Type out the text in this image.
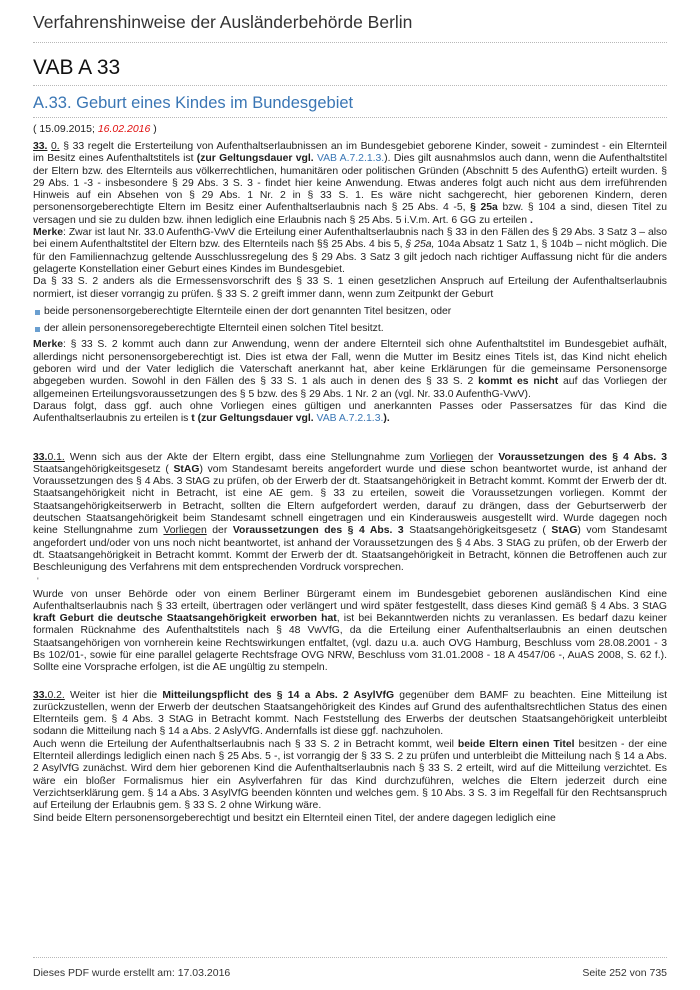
Verfahrenshinweise der Ausländerbehörde Berlin
VAB A 33
A.33. Geburt eines Kindes im Bundesgebiet
( 15.09.2015; 16.02.2016 )

33. 0. § 33 regelt die Ersterteilung von Aufenthaltserlaubnissen an im Bundesgebiet geborene Kinder, soweit - zumindest - ein Elternteil im Besitz eines Aufenthaltstitels ist (zur Geltungsdauer vgl. VAB A.7.2.1.3.). Dies gilt ausnahmslos auch dann, wenn die Aufenthaltstitel der Eltern bzw. des Elternteils aus völkerrechtlichen, humanitären oder politischen Gründen (Abschnitt 5 des AufenthG) erteilt wurden. § 29 Abs. 1 -3 - insbesondere § 29 Abs. 3 S. 3 - findet hier keine Anwendung. Etwas anderes folgt auch nicht aus dem irreführenden Hinweis auf ein Absehen von § 29 Abs. 1 Nr. 2 in § 33 S. 1. Es wäre nicht sachgerecht, hier geborenen Kindern, deren personensorgeberechtigte Eltern im Besitz einer Aufenthaltserlaubnis nach § 25 Abs. 4 -5, § 25a bzw. § 104 a sind, diesen Titel zu versagen und sie zu dulden bzw. ihnen lediglich eine Erlaubnis nach § 25 Abs. 5 i.V.m. Art. 6 GG zu erteilen .

Merke: Zwar ist laut Nr. 33.0 AufenthG-VwV die Erteilung einer Aufenthaltserlaubnis nach § 33 in den Fällen des § 29 Abs. 3 Satz 3 – also bei einem Aufenthaltstitel der Eltern bzw. des Elternteils nach §§ 25 Abs. 4 bis 5, § 25a, 104a Absatz 1 Satz 1, § 104b – nicht möglich. Die für den Familiennachzug geltende Ausschlussregelung des § 29 Abs. 3 Satz 3 gilt jedoch nach richtiger Auffassung nicht für die anders gelagerte Konstellation einer Geburt eines Kindes im Bundesgebiet.

Da § 33 S. 2 anders als die Ermessensvorschrift des § 33 S. 1 einen gesetzlichen Anspruch auf Erteilung der Aufenthaltserlaubnis normiert, ist dieser vorrangig zu prüfen. § 33 S. 2 greift immer dann, wenn zum Zeitpunkt der Geburt

beide personensorgeberechtigte Elternteile einen der dort genannten Titel besitzen, oder
der allein personensoregeberechtigte Elternteil einen solchen Titel besitzt.

Merke: § 33 S. 2 kommt auch dann zur Anwendung, wenn der andere Elternteil sich ohne Aufenthaltstitel im Bundesgebiet aufhält, allerdings nicht personensorgeberechtigt ist. Dies ist etwa der Fall, wenn die Mutter im Besitz eines Titels ist, das Kind nicht ehelich geboren wird und der Vater lediglich die Vaterschaft anerkannt hat, aber keine Erklärungen für die gemeinsame Personensorge abgegeben wurden. Sowohl in den Fällen des § 33 S. 1 als auch in denen des § 33 S. 2 kommt es nicht auf das Vorliegen der allgemeinen Erteilungsvoraussetzungen des § 5 bzw. des § 29 Abs. 1 Nr. 2 an (vgl. Nr. 33.0 AufenthG-VwV).

Daraus folgt, dass ggf. auch ohne Vorliegen eines gültigen und anerkannten Passes oder Passersatzes für das Kind die Aufenthaltserlaubnis zu erteilen is t (zur Geltungsdauer vgl. VAB A.7.2.1.3.).

33.0.1. Wenn sich aus der Akte der Eltern ergibt, dass eine Stellungnahme zum Vorliegen der Voraussetzungen des § 4 Abs. 3 Staatsangehörigkeitsgesetz ( StAG) vom Standesamt bereits angefordert wurde und diese schon beantwortet wurde, ist anhand der Voraussetzungen des § 4 Abs. 3 StAG zu prüfen, ob der Erwerb der dt. Staatsangehörigkeit in Betracht kommt. Kommt der Erwerb der dt. Staatsangehörigkeit nicht in Betracht, ist eine AE gem. § 33 zu erteilen, soweit die Voraussetzungen vorliegen. Kommt der Staatsangehörigkeitserwerb in Betracht, sollten die Eltern aufgefordert werden, darauf zu drängen, dass der Geburtserwerb der deutschen Staatsangehörigkeit beim Standesamt schnell eingetragen und ein Kinderausweis ausgestellt wird. Wurde dagegen noch keine Stellungnahme zum Vorliegen der Voraussetzungen des § 4 Abs. 3 Staatsangehörigkeitsgesetz ( StAG) vom Standesamt angefordert und/oder von uns noch nicht beantwortet, ist anhand der Voraussetzungen des § 4 Abs. 3 StAG zu prüfen, ob der Erwerb der dt. Staatsangehörigkeit in Betracht kommt. Kommt der Erwerb der dt. Staatsangehörigkeit in Betracht, können die Betroffenen auch zur Beschleunigung des Verfahrens mit dem entsprechenden Vordruck vorsprechen.

'

Wurde von unser Behörde oder von einem Berliner Bürgeramt einem im Bundesgebiet geborenen ausländischen Kind eine Aufenthaltserlaubnis nach § 33 erteilt, übertragen oder verlängert und wird später festgestellt, dass dieses Kind gemäß § 4 Abs. 3 StAG kraft Geburt die deutsche Staatsangehörigkeit erworben hat, ist bei Bekanntwerden nichts zu veranlassen. Es bedarf dazu keiner formalen Rücknahme des Aufenthaltstitels nach § 48 VwVfG, da die Erteilung einer Aufenthaltserlaubnis an einen deutschen Staatsangehörigen von vornherein keine Rechtswirkungen entfaltet, (vgl. dazu u.a. auch OVG Hamburg, Beschluss vom 28.08.2001 - 3 Bs 102/01-, sowie für eine parallel gelagerte Rechtsfrage OVG NRW, Beschluss vom 31.01.2008 - 18 A 4547/06 -, AuAS 2008, S. 62 f.). Sollte eine Vorsprache erfolgen, ist die AE ungültig zu stempeln.

33.0.2. Weiter ist hier die Mitteilungspflicht des § 14 a Abs. 2 AsylVfG gegenüber dem BAMF zu beachten. Eine Mitteilung ist zurückzustellen, wenn der Erwerb der deutschen Staatsangehörigkeit des Kindes auf Grund des aufenthaltsrechtlichen Status des einen Elternteils gem. § 4 Abs. 3 StAG in Betracht kommt. Nach Feststellung des Erwerbs der deutschen Staatsangehörigkeit unterbleibt sodann die Mitteilung nach § 14 a Abs. 2 AslyVfG. Andernfalls ist diese ggf. nachzuholen.

Auch wenn die Erteilung der Aufenthaltserlaubnis nach § 33 S. 2 in Betracht kommt, weil beide Eltern einen Titel besitzen - der eine Elternteil allerdings lediglich einen nach § 25 Abs. 5 -, ist vorrangig der § 33 S. 2 zu prüfen und unterbleibt die Mitteilung nach § 14 a Abs. 2 AsylVfG zunächst. Wird dem hier geborenen Kind die Aufenthaltserlaubnis nach § 33 S. 2 erteilt, wird auf die Mitteilung verzichtet. Es wäre ein bloßer Formalismus hier ein Asylverfahren für das Kind durchzuführen, welches die Eltern jederzeit durch eine Verzichtserklärung gem. § 14 a Abs. 3 AsylVfG beenden könnten und welches gem. § 10 Abs. 3 S. 3 im Regelfall für den Rechtsanspruch auf Erteilung der Erlaubnis gem. § 33 S. 2 ohne Wirkung wäre.

Sind beide Eltern personensorgeberechtigt und besitzt ein Elternteil einen Titel, der andere dagegen lediglich eine

Dieses PDF wurde erstellt am: 17.03.2016	Seite 252 von 735
